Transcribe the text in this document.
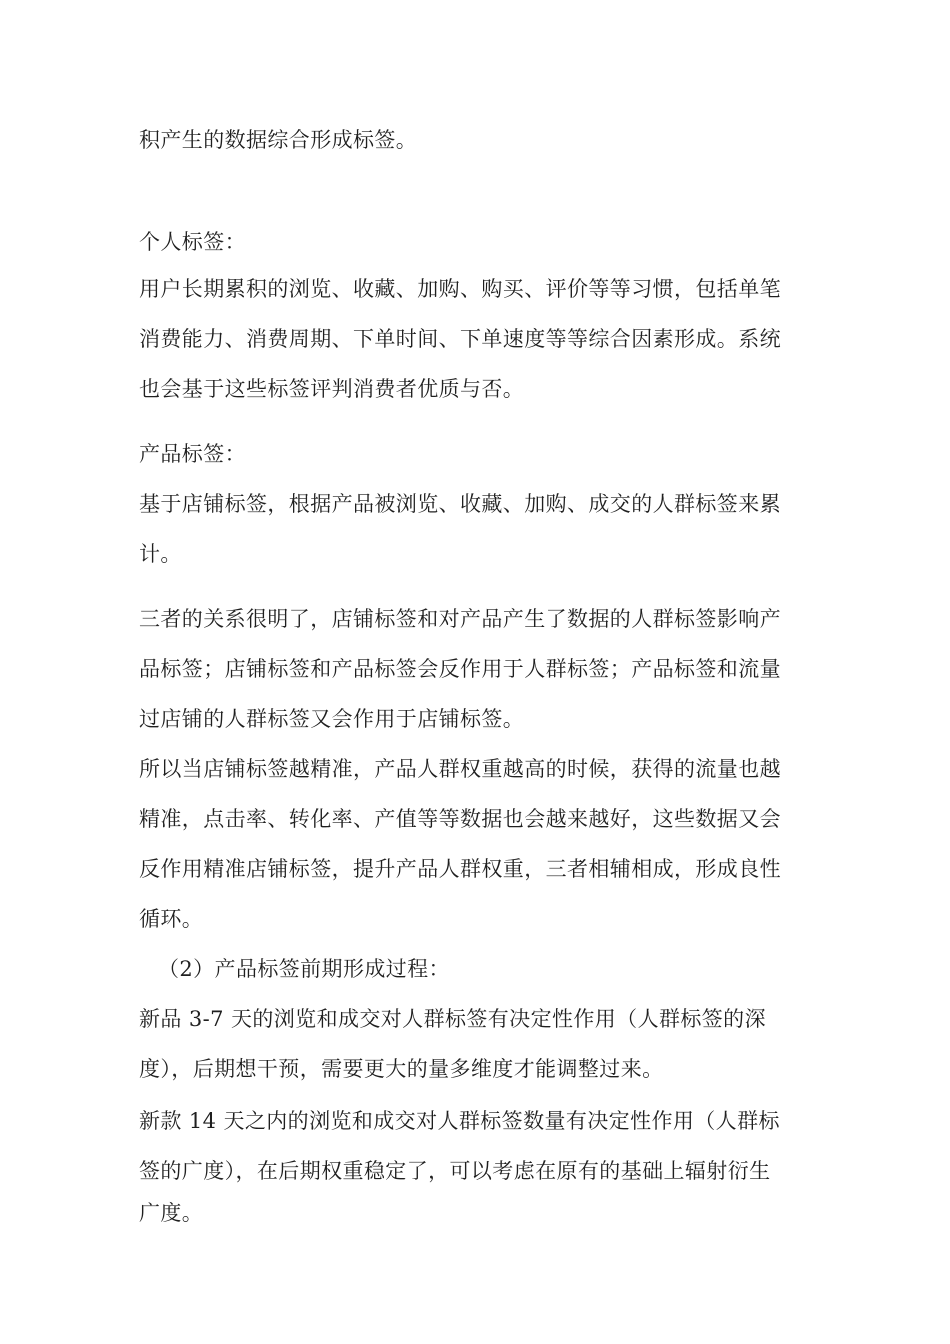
积产生的数据综合形成标签。

个人标签：

用户长期累积的浏览、收藏、加购、购买、评价等等习惯，包括单笔

消费能力、消费周期、下单时间、下单速度等等综合因素形成。系统

也会基于这些标签评判消费者优质与否。

产品标签：

基于店铺标签，根据产品被浏览、收藏、加购、成交的人群标签来累

计。

三者的关系很明了，店铺标签和对产品产生了数据的人群标签影响产

品标签；店铺标签和产品标签会反作用于人群标签；产品标签和流量

过店铺的人群标签又会作用于店铺标签。

所以当店铺标签越精准，产品人群权重越高的时候，获得的流量也越

精准，点击率、转化率、产值等等数据也会越来越好，这些数据又会

反作用精准店铺标签，提升产品人群权重，三者相辅相成，形成良性

循环。

（2）产品标签前期形成过程：

新品 3-7 天的浏览和成交对人群标签有决定性作用（人群标签的深

度），后期想干预，需要更大的量多维度才能调整过来。

新款 14 天之内的浏览和成交对人群标签数量有决定性作用（人群标

签的广度），在后期权重稳定了，可以考虑在原有的基础上辐射衍生

广度。
